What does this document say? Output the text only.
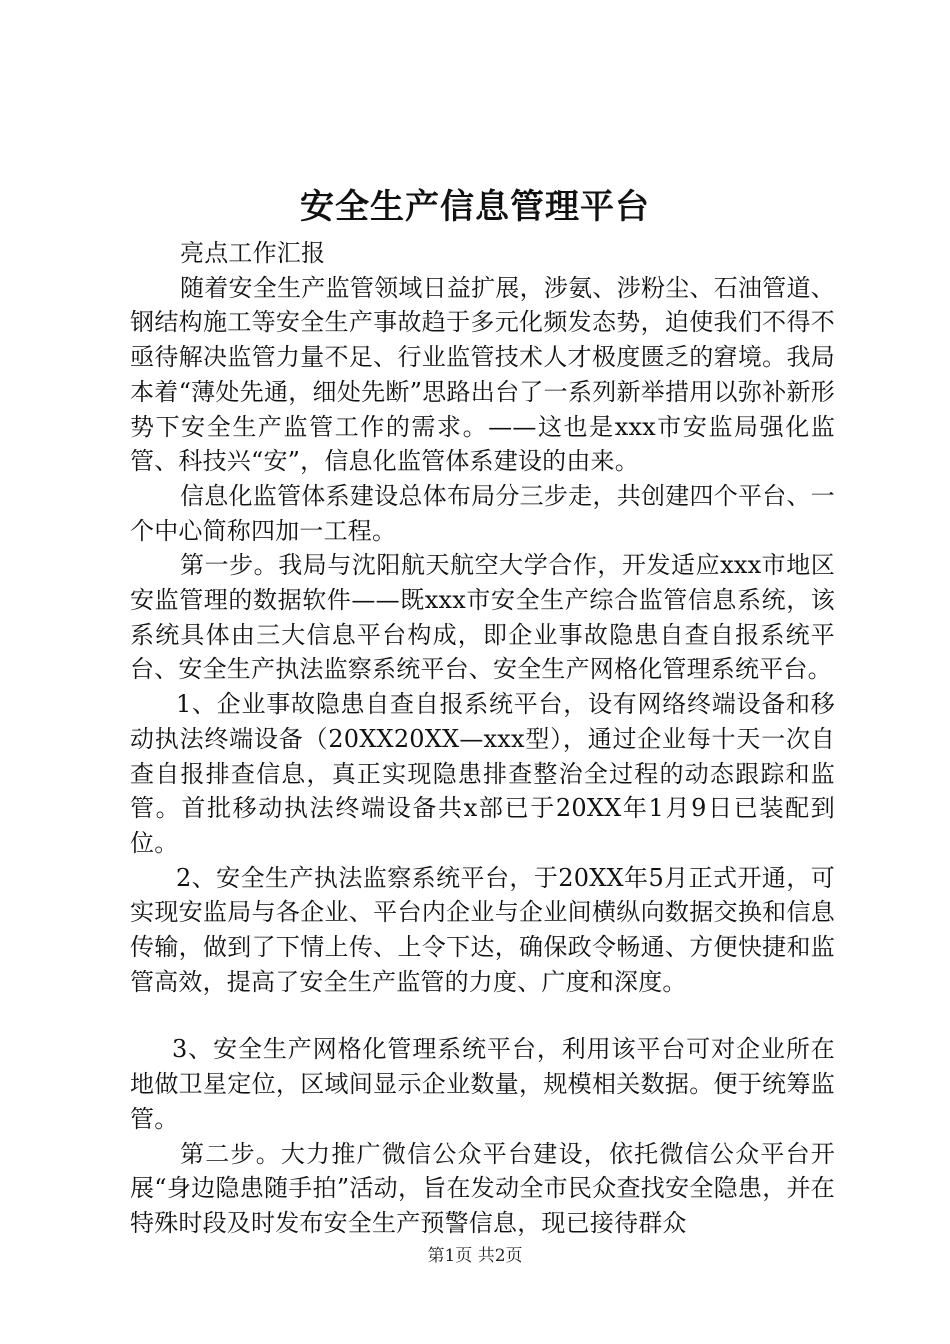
安全生产信息管理平台

亮点工作汇报

随着安全生产监管领域日益扩展，涉氨、涉粉尘、石油管道、钢结构施工等安全生产事故趋于多元化频发态势，迫使我们不得不亟待解决监管力量不足、行业监管技术人才极度匮乏的窘境。我局本着“薄处先通，细处先断”思路出台了一系列新举措用以弥补新形势下安全生产监管工作的需求。——这也是xxx市安监局强化监管、科技兴“安”，信息化监管体系建设的由来。

信息化监管体系建设总体布局分三步走，共创建四个平台、一个中心简称四加一工程。

第一步。我局与沈阳航天航空大学合作，开发适应xxx市地区安监管理的数据软件——既xxx市安全生产综合监管信息系统，该系统具体由三大信息平台构成，即企业事故隐患自查自报系统平台、安全生产执法监察系统平台、安全生产网格化管理系统平台。

1、企业事故隐患自查自报系统平台，设有网络终端设备和移动执法终端设备（20XX20XX—xxx型），通过企业每十天一次自查自报排查信息，真正实现隐患排查整治全过程的动态跟踪和监管。首批移动执法终端设备共x部已于20XX年1月9日已装配到位。

2、安全生产执法监察系统平台，于20XX年5月正式开通，可实现安监局与各企业、平台内企业与企业间横纵向数据交换和信息传输，做到了下情上传、上令下达，确保政令畅通、方便快捷和监管高效，提高了安全生产监管的力度、广度和深度。

3、安全生产网格化管理系统平台，利用该平台可对企业所在地做卫星定位，区域间显示企业数量，规模相关数据。便于统筹监管。

第二步。大力推广微信公众平台建设，依托微信公众平台开展“身边隐患随手拍”活动，旨在发动全市民众查找安全隐患，并在特殊时段及时发布安全生产预警信息，现已接待群众

第1页 共2页
